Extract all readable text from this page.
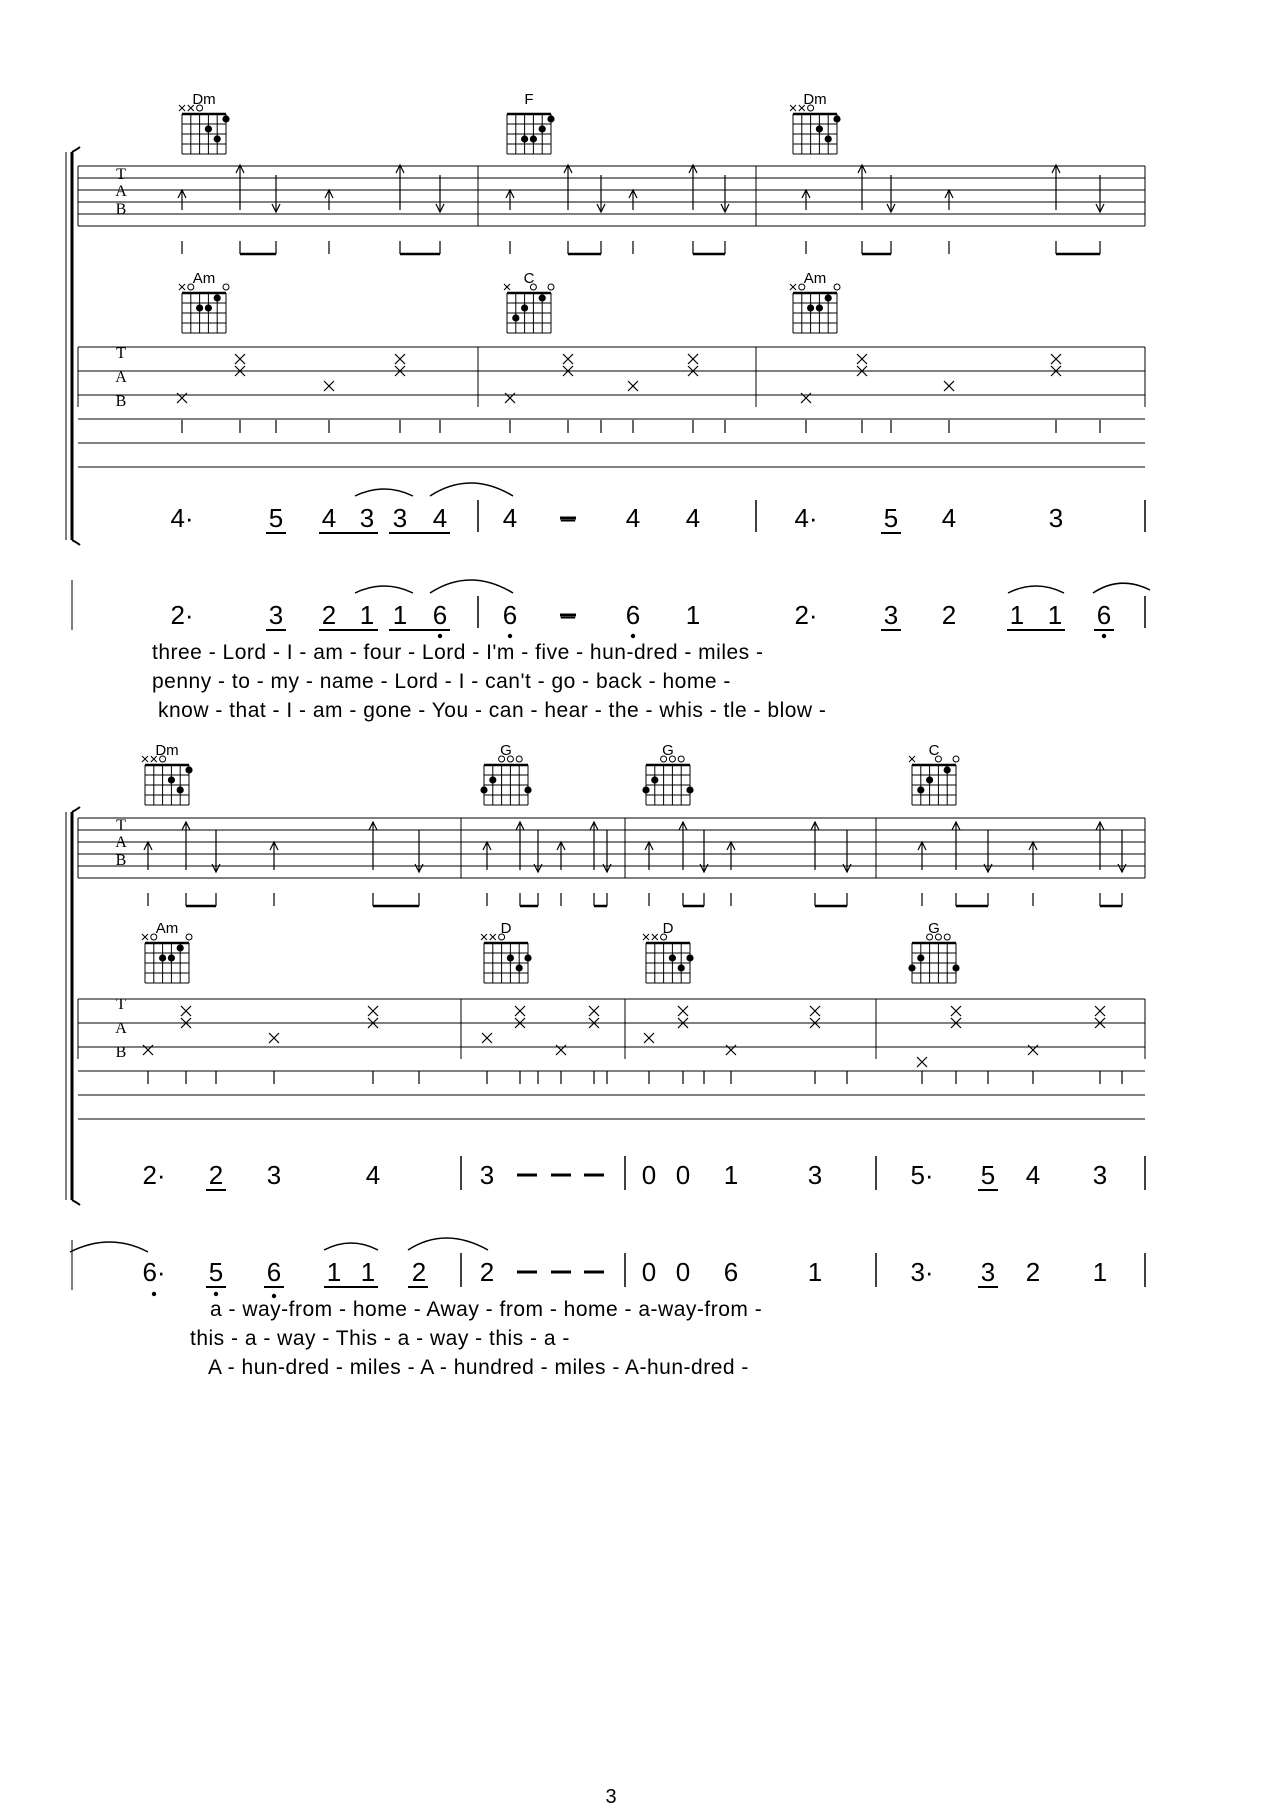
Dm	F	Dm
Am	C	Am
Dm	G	G	C
Am	D	D	G
T
A
B
T
A
B
T
A
B
T
A
B
4·	5 4 3 3 4 4 – 4 4	4·	5 4	3
2·	3 2 1 1 6 6 – 6 1	2·	3 2 1 1 6
three - Lord - I - am - four - Lord - I'm - five - hun-dred - miles -
penny - to - my - name - Lord - I - can't - go - back - home -
know - that - I - am - gone - You - can - hear - the - whis - tle - blow -
2· 2 3	4	3	0 0 1	3	5· 5 4 3
6· 5 6 1 1 2 2	0 0 6	1	3· 3 2 1
a - way-from - home - Away - from - home - a-way-from -
this - a - way - This - a - way - this - a -
A - hun-dred - miles - A - hundred - miles - A-hun-dred -
3
